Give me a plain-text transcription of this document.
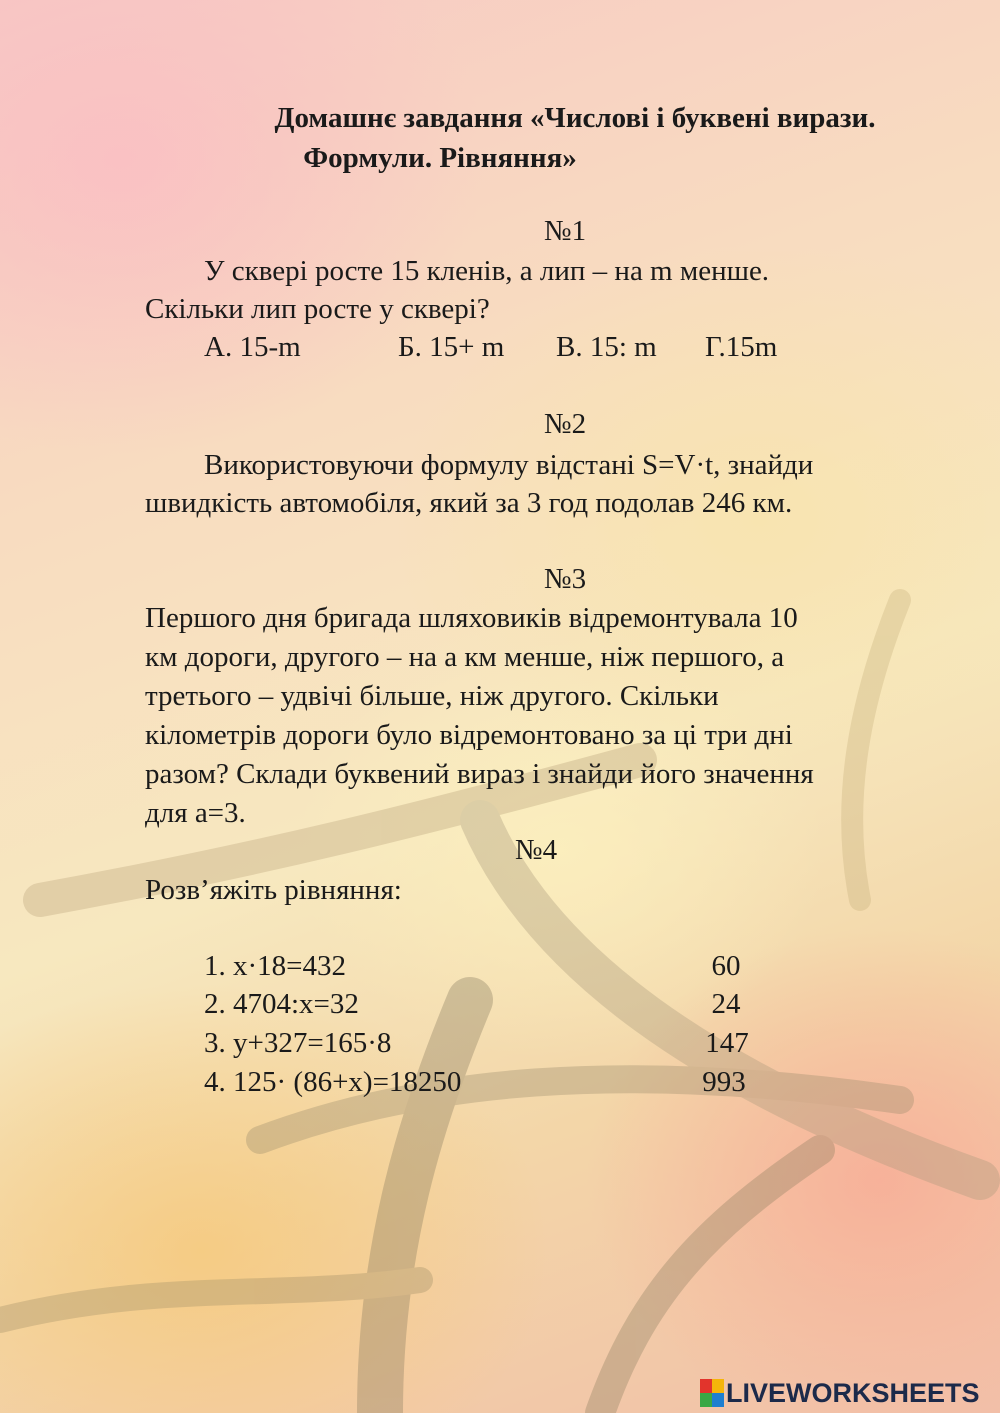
Домашнє завдання «Числові і буквені вирази.
Формули. Рівняння»
№1
У сквері росте 15 кленів, а лип – на m менше.
Скільки лип росте у сквері?
А. 15-m	Б. 15+ m В. 15: m Г.15m
№2
Використовуючи формулу відстані S=V·t, знайди
швидкість автомобіля, який за 3 год подолав 246 км.
№3
Першого дня бригада шляховиків відремонтувала 10
км дороги, другого – на а км менше, ніж першого, а
третього – удвічі більше, ніж другого. Скільки
кілометрів дороги було відремонтовано за ці три дні
разом? Склади буквений вираз і знайди його значення
для а=3.
№4
Розв’яжіть рівняння:
1. x·18=432	60
2. 4704:x=32	24
3. y+327=165·8	147
4. 125· (86+x)=18250	993
LIVEWORKSHEETS
